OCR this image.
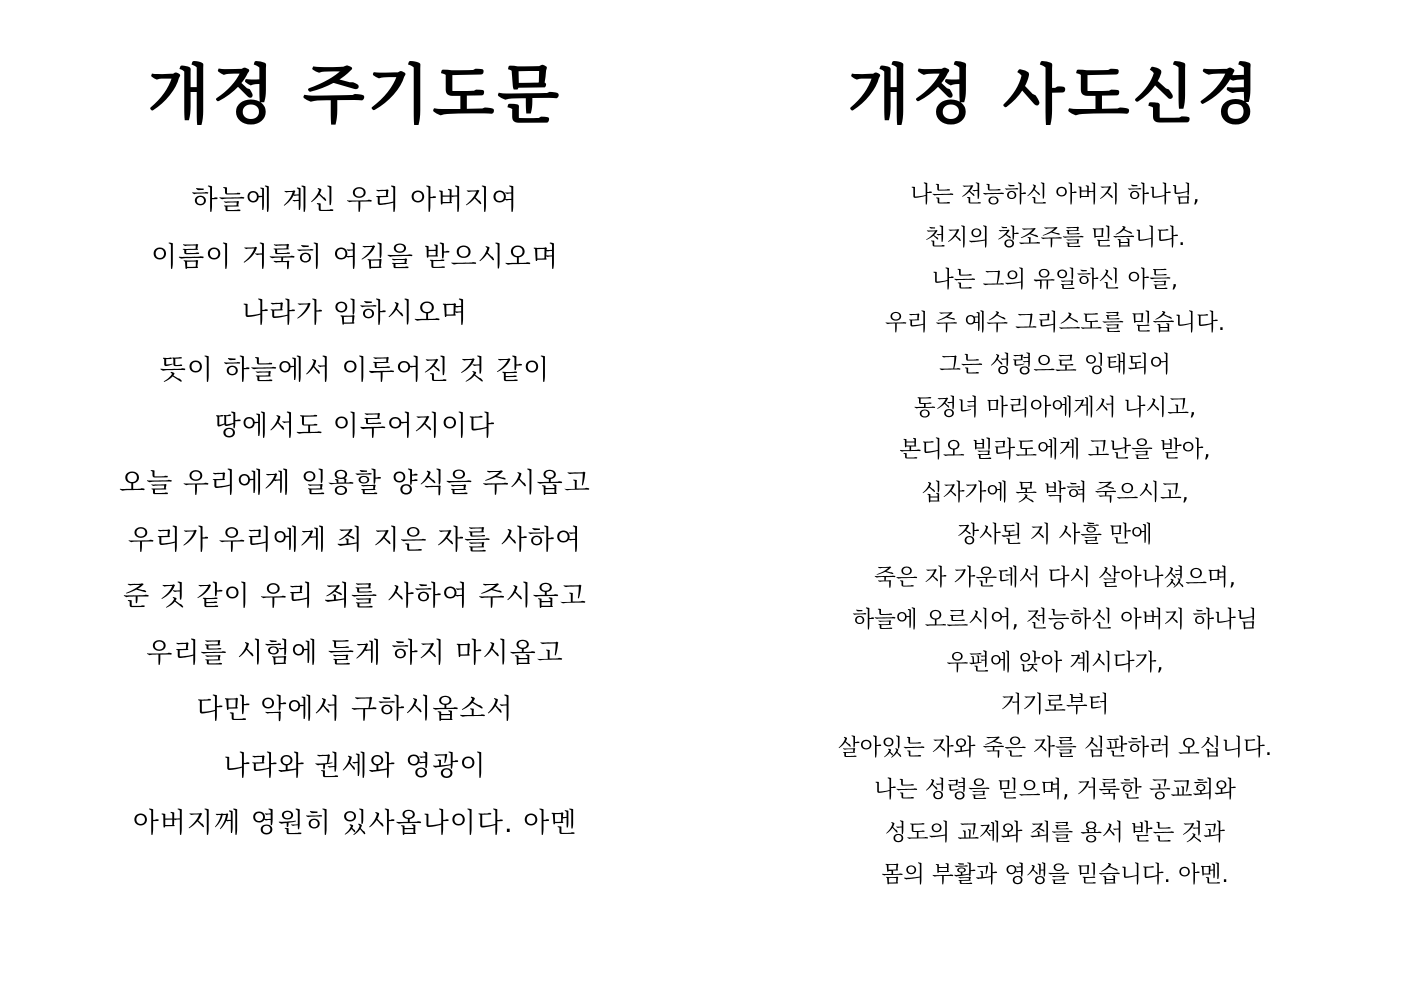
개정 주기도문
하늘에 계신 우리 아버지여
이름이 거룩히 여김을 받으시오며
나라가 임하시오며
뜻이 하늘에서 이루어진 것 같이
땅에서도 이루어지이다
오늘 우리에게 일용할 양식을 주시옵고
우리가 우리에게 죄 지은 자를 사하여
준 것 같이 우리 죄를 사하여 주시옵고
우리를 시험에 들게 하지 마시옵고
다만 악에서 구하시옵소서
나라와 권세와 영광이
아버지께 영원히 있사옵나이다. 아멘
개정 사도신경
나는 전능하신 아버지 하나님,
천지의 창조주를 믿습니다.
나는 그의 유일하신 아들,
우리 주 예수 그리스도를 믿습니다.
그는 성령으로 잉태되어
동정녀 마리아에게서 나시고,
본디오 빌라도에게 고난을 받아,
십자가에 못 박혀 죽으시고,
장사된 지 사흘 만에
죽은 자 가운데서 다시 살아나셨으며,
하늘에 오르시어, 전능하신 아버지 하나님
우편에 앉아 계시다가,
거기로부터
살아있는 자와 죽은 자를 심판하러 오십니다.
나는 성령을 믿으며, 거룩한 공교회와
성도의 교제와 죄를 용서 받는 것과
몸의 부활과 영생을 믿습니다. 아멘.
